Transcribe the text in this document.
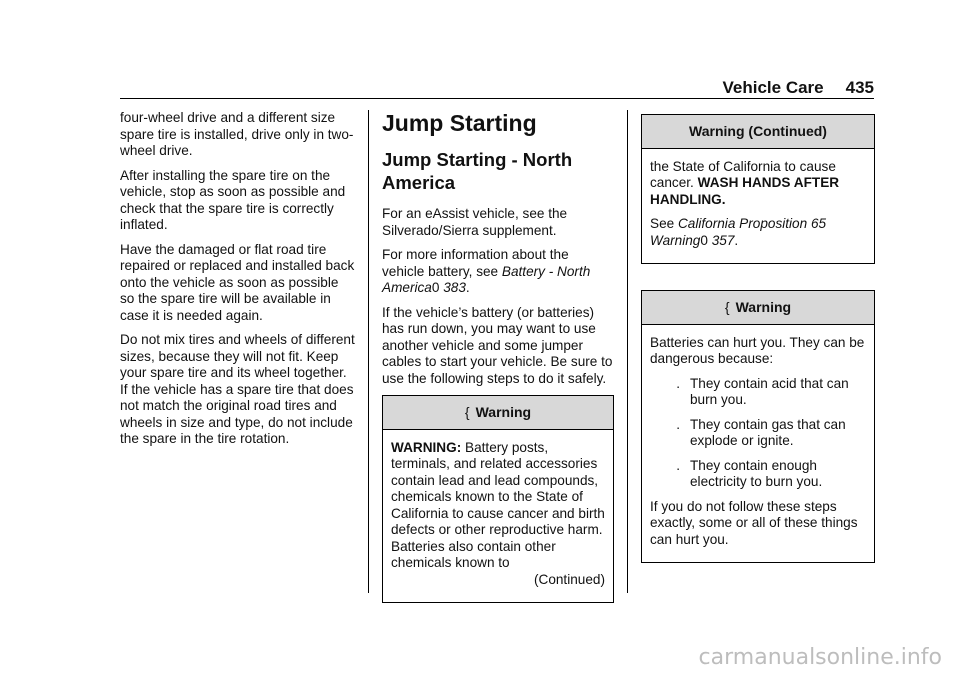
Vehicle Care 435

four-wheel drive and a different size spare tire is installed, drive only in two-wheel drive.

After installing the spare tire on the vehicle, stop as soon as possible and check that the spare tire is correctly inflated.

Have the damaged or flat road tire repaired or replaced and installed back onto the vehicle as soon as possible so the spare tire will be available in case it is needed again.

Do not mix tires and wheels of different sizes, because they will not fit. Keep your spare tire and its wheel together. If the vehicle has a spare tire that does not match the original road tires and wheels in size and type, do not include the spare in the tire rotation.

Jump Starting
Jump Starting - North America

For an eAssist vehicle, see the Silverado/Sierra supplement.

For more information about the vehicle battery, see Battery - North America0 383.

If the vehicle’s battery (or batteries) has run down, you may want to use another vehicle and some jumper cables to start your vehicle. Be sure to use the following steps to do it safely.

{ Warning

WARNING: Battery posts, terminals, and related accessories contain lead and lead compounds, chemicals known to the State of California to cause cancer and birth defects or other reproductive harm. Batteries also contain other chemicals known to

(Continued)

Warning (Continued)

the State of California to cause cancer. WASH HANDS AFTER HANDLING.

See California Proposition 65 Warning0 357.

{ Warning

Batteries can hurt you. They can be dangerous because:

. They contain acid that can burn you.
. They contain gas that can explode or ignite.
. They contain enough electricity to burn you.

If you do not follow these steps exactly, some or all of these things can hurt you.

carmanualsonline.info
